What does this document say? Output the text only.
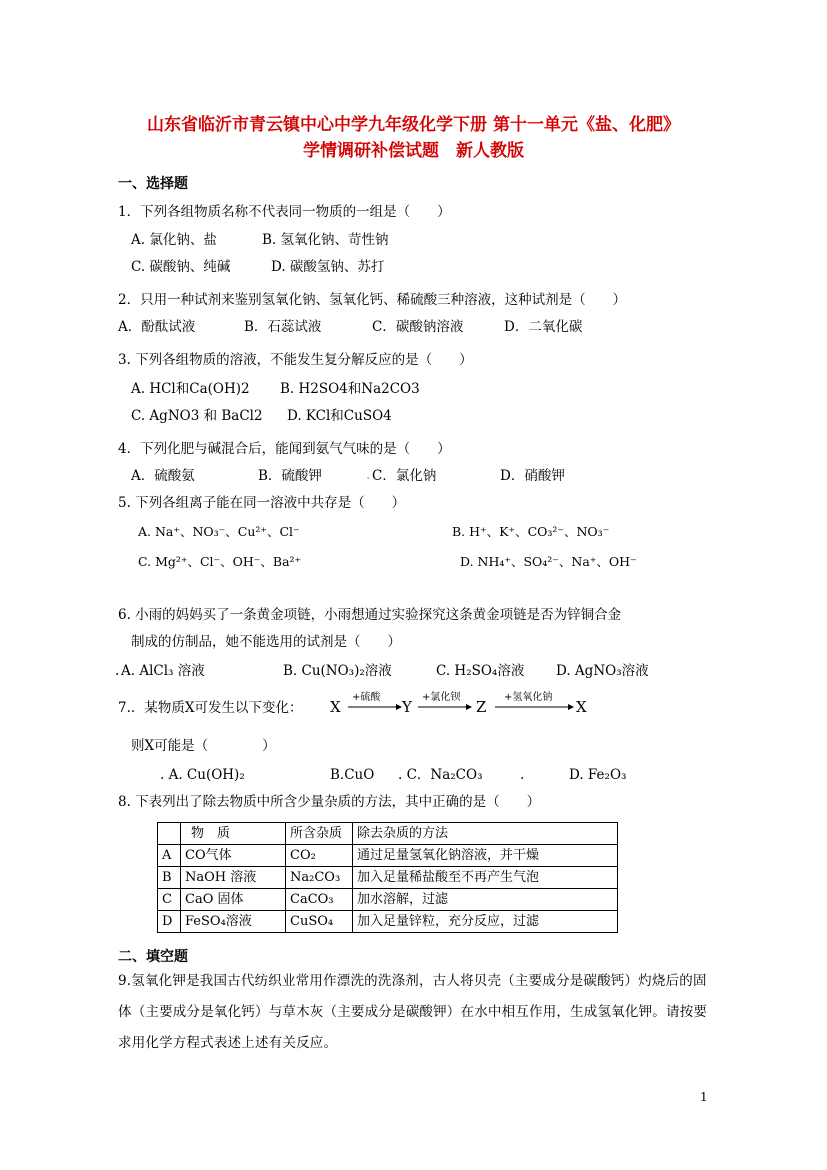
山东省临沂市青云镇中心中学九年级化学下册 第十一单元《盐、化肥》
学情调研补偿试题　新人教版
一、选择题
1．下列各组物质名称不代表同一物质的一组是（　　）
A. 氯化钠、盐	B. 氢氧化钠、苛性钠
C. 碳酸钠、纯碱	D. 碳酸氢钠、苏打
2．只用一种试剂来鉴别氢氧化钠、氢氧化钙、稀硫酸三种溶液，这种试剂是（　　）
A．酚酞试液	B．石蕊试液	C．碳酸钠溶液	D．二氧化碳
3. 下列各组物质的溶液，不能发生复分解反应的是（　　）
A. HCl和Ca(OH)2 B. H2SO4和Na2CO3
C. AgNO3 和 BaCl2 D. KCl和CuSO4
4．下列化肥与碱混合后，能闻到氨气气味的是（　　）
A．硫酸氨	B．硫酸钾	. C．氯化钠	D．硝酸钾
5. 下列各组离子能在同一溶液中共存是（　　）
A. Na⁺、NO₃⁻、Cu²⁺、Cl⁻	B. H⁺、K⁺、CO₃²⁻、NO₃⁻
C. Mg²⁺、Cl⁻、OH⁻、Ba²⁺	D. NH₄⁺、SO₄²⁻、Na⁺、OH⁻
6. 小雨的妈妈买了一条黄金项链，小雨想通过实验探究这条黄金项链是否为锌铜合金
制成的仿制品，她不能选用的试剂是（　　）
. A. AlCl₃ 溶液	B. Cu(NO₃)₂溶液	C. H₂SO₄溶液 D. AgNO₃溶液
7.．某物质X可发生以下变化： X
+硫酸
Y
+氯化钡
Z
+氢氧化钠
X
则X可能是（　　　　）
. A. Cu(OH)₂	B.CuO . C．Na₂CO₃	.	D. Fe₂O₃
8. 下表列出了除去物质中所含少量杂质的方法，其中正确的是（　　）
	物　质	所含杂质	除去杂质的方法
A	CO气体	CO₂	通过足量氢氧化钠溶液，并干燥
B	NaOH 溶液	Na₂CO₃	加入足量稀盐酸至不再产生气泡
C	CaO 固体	CaCO₃	加水溶解，过滤
D	FeSO₄溶液	CuSO₄	加入足量锌粒，充分反应，过滤
二、填空题
9.氢氧化钾是我国古代纺织业常用作漂洗的洗涤剂，古人将贝壳（主要成分是碳酸钙）灼烧后的固体（主要成分是氧化钙）与草木灰（主要成分是碳酸钾）在水中相互作用，生成氢氧化钾。请按要求用化学方程式表述上述有关反应。
1
